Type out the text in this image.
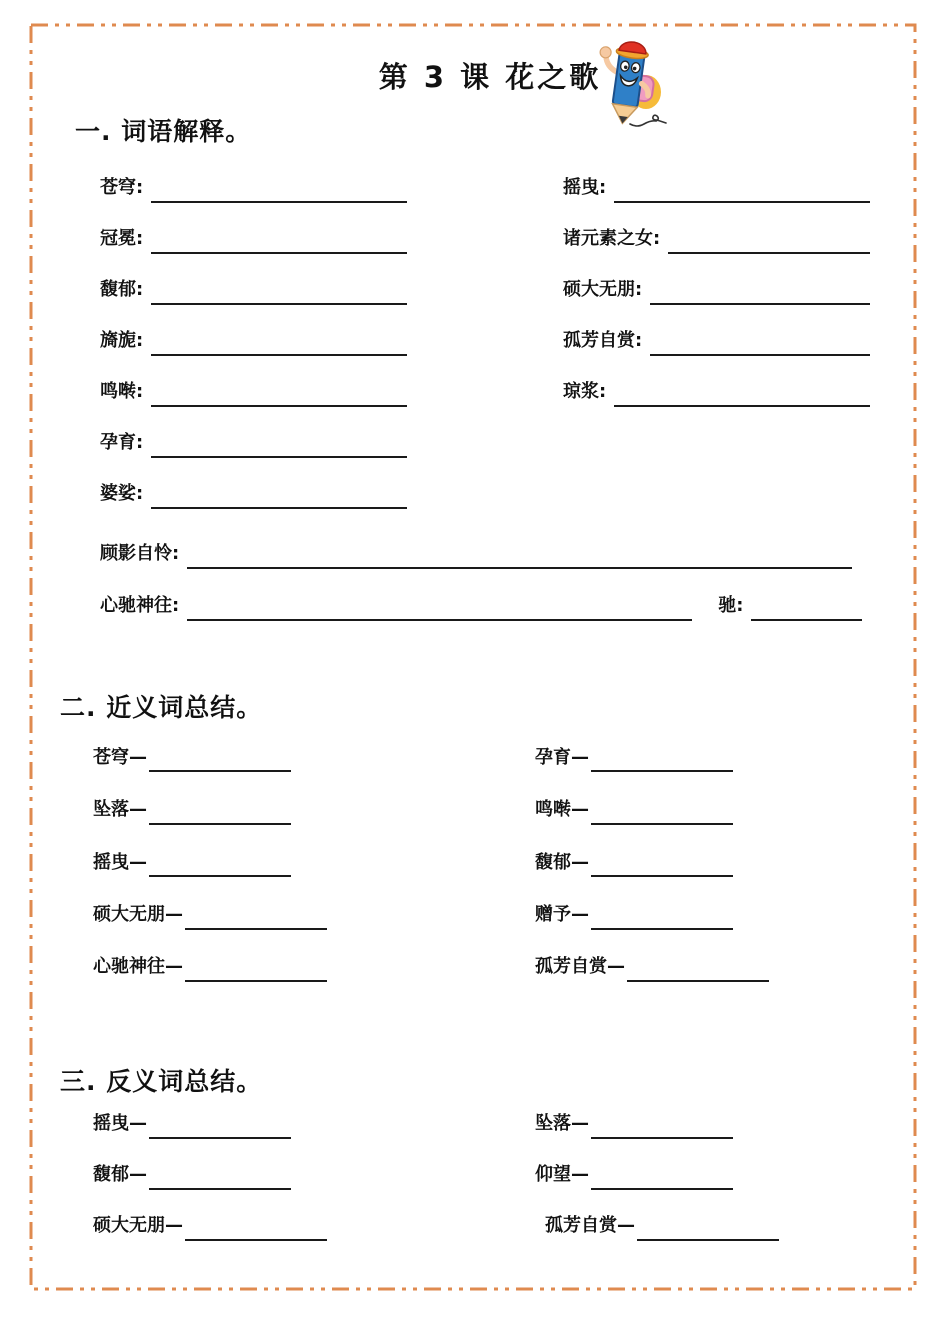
第 3 课 花之歌
一. 词语解释。
苍穹:
冠冕:
馥郁:
旖旎:
鸣啭:
孕育:
婆娑:
摇曳:
诸元素之女:
硕大无朋:
孤芳自赏:
琼浆:
顾影自怜:
心驰神往:	驰:
二. 近义词总结。
苍穹—
坠落—
摇曳—
硕大无朋—
心驰神往—
孕育—
鸣啭—
馥郁—
赠予—
孤芳自赏—
三. 反义词总结。
摇曳—
馥郁—
硕大无朋—
坠落—
仰望—
孤芳自赏—
